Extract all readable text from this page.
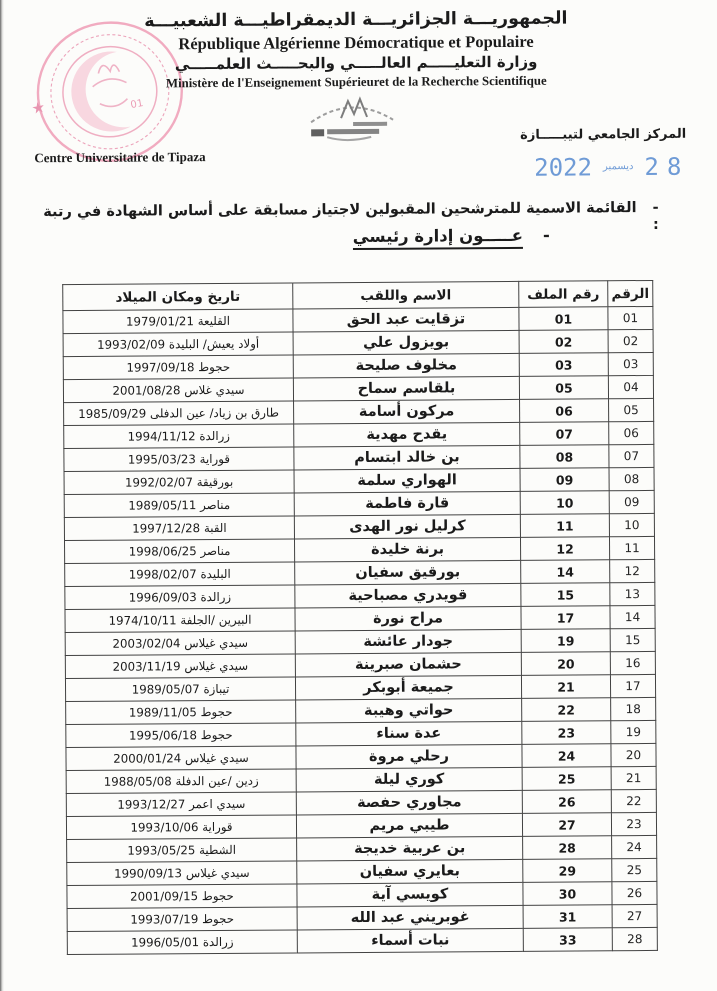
01
★
الجمهوريـــة الجزائريـــة الديمقراطيـــة الشعبيـــة
République Algérienne Démocratique et Populaire
وزارة التعليـــــم العالـــــي والبحـــــث العلمـــــي
Ministère de l'Enseignement Supérieuret de la Recherche Scientifique
Centre Universitaire de Tipaza
المركز الجامعي لتيبـــــازة
2022 ديسمبر 28
-القائمة الاسمية للمترشحين المقبولين لاجتياز مسابقة على أساس الشهادة في رتبة :
-عـــــون إدارة رئيسي
الرقم	رقم الملف	الاسم واللقب	تاريخ ومكان الميلاد
01	01	تزقايت عبد الحق	1979/01/21 القليعة
02	02	بويزول علي	1993/02/09 أولاد يعيش/ البليدة
03	03	مخلوف صليحة	1997/09/18 حجوط
04	05	بلقاسم سماح	2001/08/28 سيدي غلاس
05	06	مركون أسامة	1985/09/29 طارق بن زياد/ عين الدفلى
06	07	يقدح مهدية	1994/11/12 زرالدة
07	08	بن خالد ابتسام	1995/03/23 قوراية
08	09	الهواري سلمة	1992/02/07 بورقيقة
09	10	قارة فاطمة	1989/05/11 مناصر
10	11	كرليل نور الهدى	1997/12/28 القبة
11	12	برنة خليدة	1998/06/25 مناصر
12	14	بورقيق سفيان	1998/02/07 البليدة
13	15	قويدري مصباحية	1996/09/03 زرالدة
14	17	مراح نورة	1974/10/11 البيرين /الجلفة
15	19	جودار عائشة	2003/02/04 سيدي غيلاس
16	20	حشمان صبرينة	2003/11/19 سيدي غيلاس
17	21	جميعة أبوبكر	1989/05/07 تيبازة
18	22	حواتي وهيبة	1989/11/05 حجوط
19	23	عدة سناء	1995/06/18 حجوط
20	24	رحلي مروة	2000/01/24 سيدي غيلاس
21	25	كوري ليلة	1988/05/08 زدين /عين الدفلة
22	26	مجاوري حفصة	1993/12/27 سيدي اعمر
23	27	طيبي مريم	1993/10/06 قوراية
24	28	بن عربية خديجة	1993/05/25 الشطية
25	29	بعايري سفيان	1990/09/13 سيدي غيلاس
26	30	كويسي آية	2001/09/15 حجوط
27	31	غوبريني عبد الله	1993/07/19 حجوط
28	33	نبات أسماء	1996/05/01 زرالدة
